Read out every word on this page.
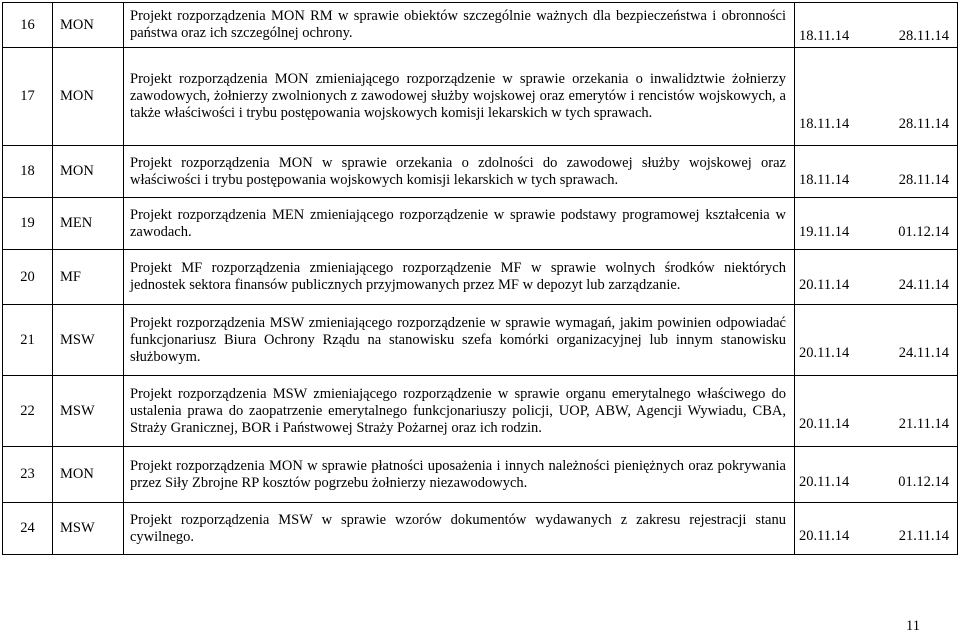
16	MON	Projekt rozporządzenia MON RM w sprawie obiektów szczególnie ważnych dla bezpieczeństwa i obronności państwa oraz ich szczególnej ochrony.	18.11.14 28.11.14

17	MON	Projekt rozporządzenia MON zmieniającego rozporządzenie w sprawie orzekania o inwalidztwie żołnierzy zawodowych, żołnierzy zwolnionych z zawodowej służby wojskowej oraz emerytów i rencistów wojskowych, a także właściwości i trybu postępowania wojskowych komisji lekarskich w tych sprawach.	18.11.14 28.11.14

18	MON	Projekt rozporządzenia MON w sprawie orzekania o zdolności do zawodowej służby wojskowej oraz właściwości i trybu postępowania wojskowych komisji lekarskich w tych sprawach.	18.11.14 28.11.14

19	MEN	Projekt rozporządzenia MEN zmieniającego rozporządzenie w sprawie podstawy programowej kształcenia w zawodach.	19.11.14 01.12.14

20	MF	Projekt MF rozporządzenia zmieniającego rozporządzenie MF w sprawie wolnych środków niektórych jednostek sektora finansów publicznych przyjmowanych przez MF w depozyt lub zarządzanie.	20.11.14 24.11.14

21	MSW	Projekt rozporządzenia MSW zmieniającego rozporządzenie w sprawie wymagań, jakim powinien odpowiadać funkcjonariusz Biura Ochrony Rządu na stanowisku szefa komórki organizacyjnej lub innym stanowisku służbowym.	20.11.14 24.11.14

22	MSW	Projekt rozporządzenia MSW zmieniającego rozporządzenie w sprawie organu emerytalnego właściwego do ustalenia prawa do zaopatrzenie emerytalnego funkcjonariuszy policji, UOP, ABW, Agencji Wywiadu, CBA, Straży Granicznej, BOR i Państwowej Straży Pożarnej oraz ich rodzin.	20.11.14 21.11.14

23	MON	Projekt rozporządzenia MON w sprawie płatności uposażenia i innych należności pieniężnych oraz pokrywania przez Siły Zbrojne RP kosztów pogrzebu żołnierzy niezawodowych.	20.11.14 01.12.14

24	MSW	Projekt rozporządzenia MSW w sprawie wzorów dokumentów wydawanych z zakresu rejestracji stanu cywilnego.	20.11.14 21.11.14
11
